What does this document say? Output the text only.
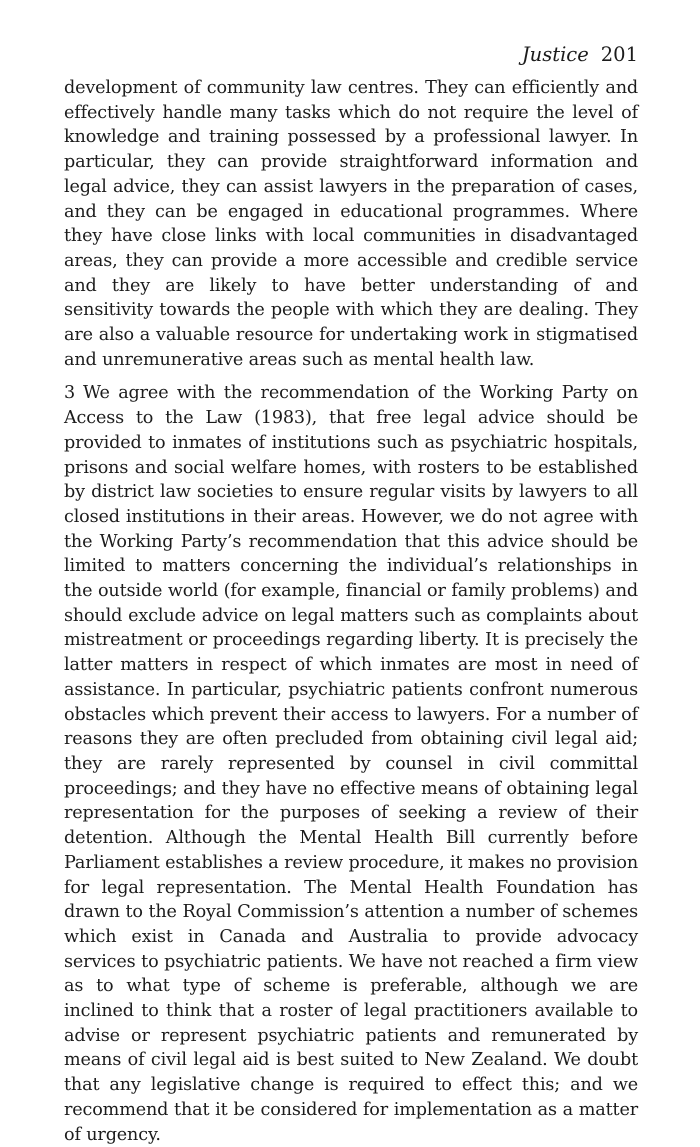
Justice 201

development of community law centres. They can efficiently and effectively handle many tasks which do not require the level of knowledge and training possessed by a professional lawyer. In particular, they can provide straightforward information and legal advice, they can assist lawyers in the preparation of cases, and they can be engaged in educational programmes. Where they have close links with local communities in disadvantaged areas, they can provide a more accessible and credible service and they are likely to have better understanding of and sensitivity towards the people with which they are dealing. They are also a valuable resource for undertaking work in stigmatised and unremunerative areas such as mental health law.

3 We agree with the recommendation of the Working Party on Access to the Law (1983), that free legal advice should be provided to inmates of institutions such as psychiatric hospitals, prisons and social welfare homes, with rosters to be established by district law societies to ensure regular visits by lawyers to all closed institutions in their areas. However, we do not agree with the Working Party’s recommendation that this advice should be limited to matters concerning the individual’s relationships in the outside world (for example, financial or family problems) and should exclude advice on legal matters such as complaints about mistreatment or proceedings regarding liberty. It is precisely the latter matters in respect of which inmates are most in need of assistance. In particular, psychiatric patients confront numerous obstacles which prevent their access to lawyers. For a number of reasons they are often precluded from obtaining civil legal aid; they are rarely represented by counsel in civil committal proceedings; and they have no effective means of obtaining legal representation for the purposes of seeking a review of their detention. Although the Mental Health Bill currently before Parliament establishes a review procedure, it makes no provision for legal representation. The Mental Health Foundation has drawn to the Royal Commission’s attention a number of schemes which exist in Canada and Australia to provide advocacy services to psychiatric patients. We have not reached a firm view as to what type of scheme is preferable, although we are inclined to think that a roster of legal practitioners available to advise or represent psychiatric patients and remunerated by means of civil legal aid is best suited to New Zealand. We doubt that any legislative change is required to effect this; and we recommend that it be considered for implementation as a matter of urgency.
